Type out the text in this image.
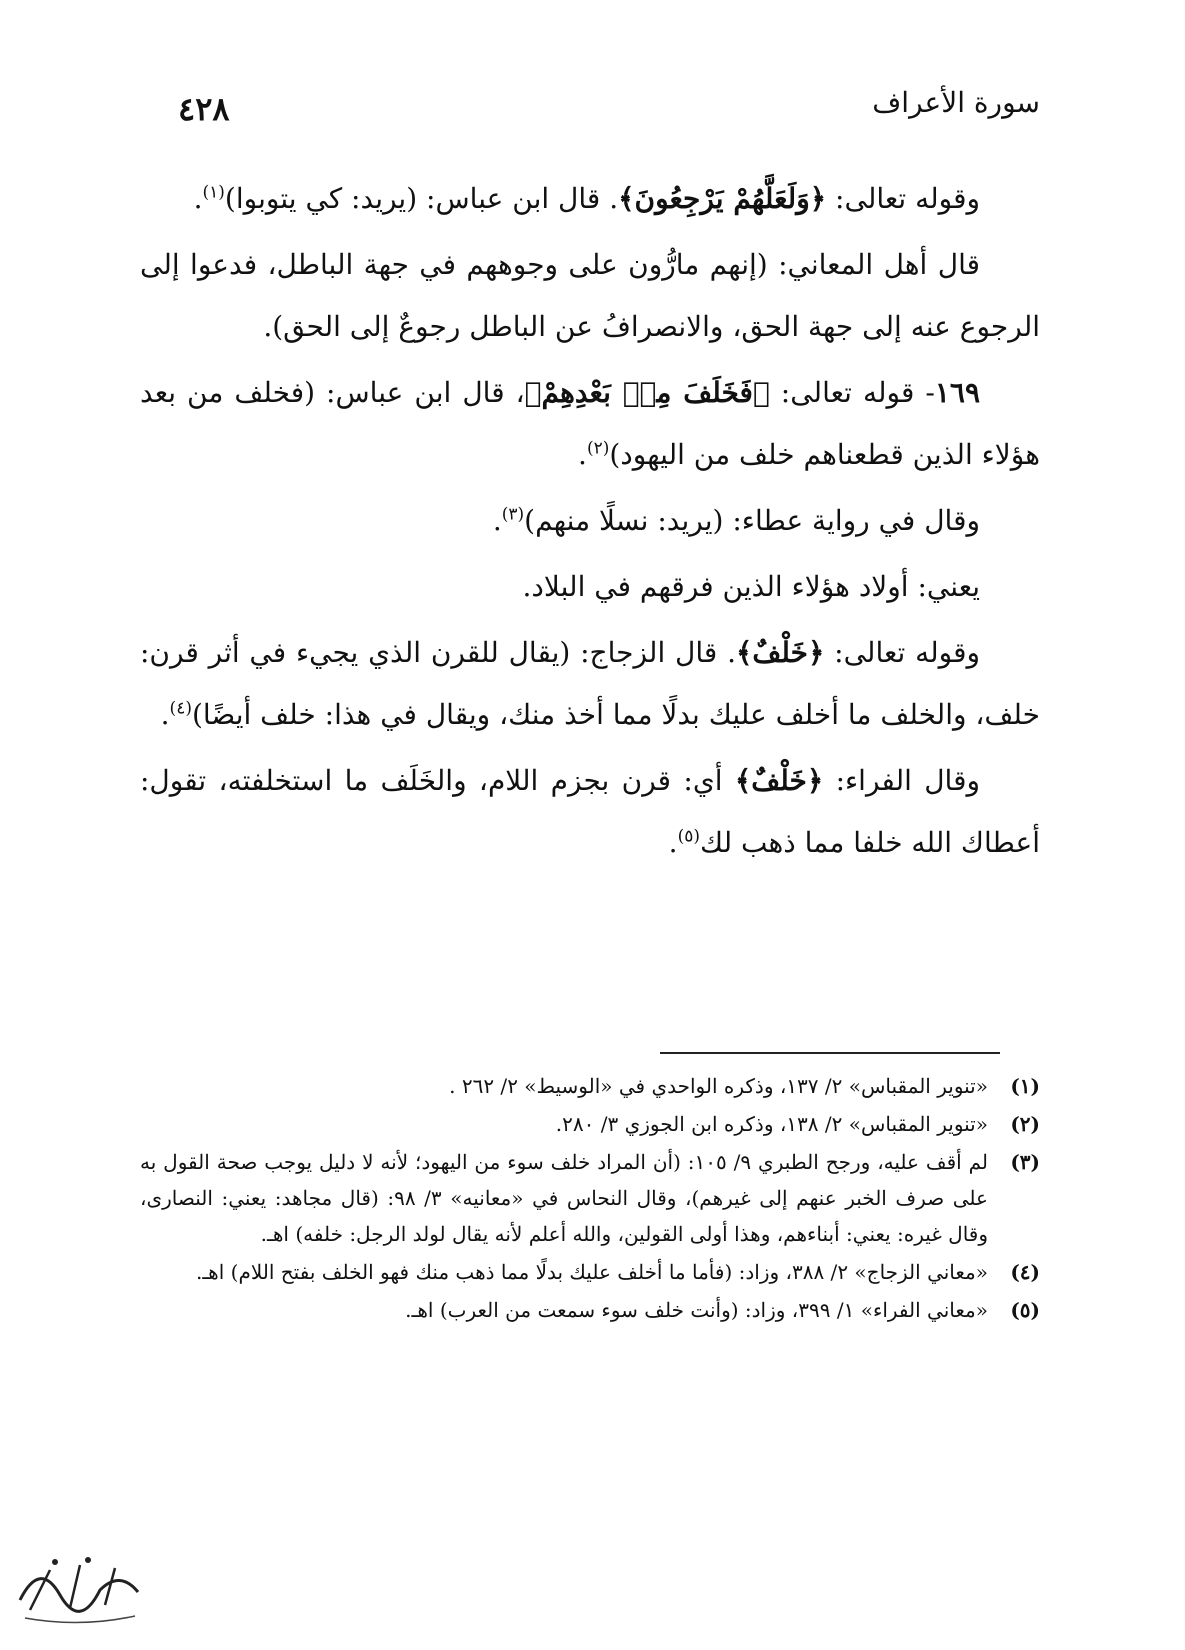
٤٢٨	سورة الأعراف

وقوله تعالى: ﴿وَلَعَلَّهُمْ يَرْجِعُونَ﴾. قال ابن عباس: (يريد: كي يتوبوا)$^{(١)}$.

قال أهل المعاني: (إنهم مارُّون على وجوههم في جهة الباطل، فدعوا إلى الرجوع عنه إلى جهة الحق، والانصرافُ عن الباطل رجوعٌ إلى الحق).

١٦٩- قوله تعالى: ﴿فَخَلَفَ مِنۢ بَعْدِهِمْ﴾، قال ابن عباس: (فخلف من بعد هؤلاء الذين قطعناهم خلف من اليهود)$^{(٢)}$.

وقال في رواية عطاء: (يريد: نسلًا منهم)$^{(٣)}$.

يعني: أولاد هؤلاء الذين فرقهم في البلاد.

وقوله تعالى: ﴿خَلْفٌ﴾. قال الزجاج: (يقال للقرن الذي يجيء في أثر قرن: خلف، والخلف ما أخلف عليك بدلًا مما أخذ منك، ويقال في هذا: خلف أيضًا)$^{(٤)}$.

وقال الفراء: ﴿خَلْفٌ﴾ أي: قرن بجزم اللام، والخَلَف ما استخلفته، تقول: أعطاك الله خلفا مما ذهب لك$^{(٥)}$.

(١)
«تنوير المقباس» ٢/ ١٣٧، وذكره الواحدي في «الوسيط» ٢/ ٢٦٢ .
(٢)
«تنوير المقباس» ٢/ ١٣٨، وذكره ابن الجوزي ٣/ ٢٨٠.
(٣)
لم أقف عليه، ورجح الطبري ٩/ ١٠٥: (أن المراد خلف سوء من اليهود؛ لأنه لا دليل يوجب صحة القول به على صرف الخبر عنهم إلى غيرهم)، وقال النحاس في «معانيه» ٣/ ٩٨: (قال مجاهد: يعني: النصارى، وقال غيره: يعني: أبناءهم، وهذا أولى القولين، والله أعلم لأنه يقال لولد الرجل: خلفه) اهـ.
(٤)
«معاني الزجاج» ٢/ ٣٨٨، وزاد: (فأما ما أخلف عليك بدلًا مما ذهب منك فهو الخلف بفتح اللام) اهـ.
(٥)
«معاني الفراء» ١/ ٣٩٩، وزاد: (وأنت خلف سوء سمعت من العرب) اهـ.
